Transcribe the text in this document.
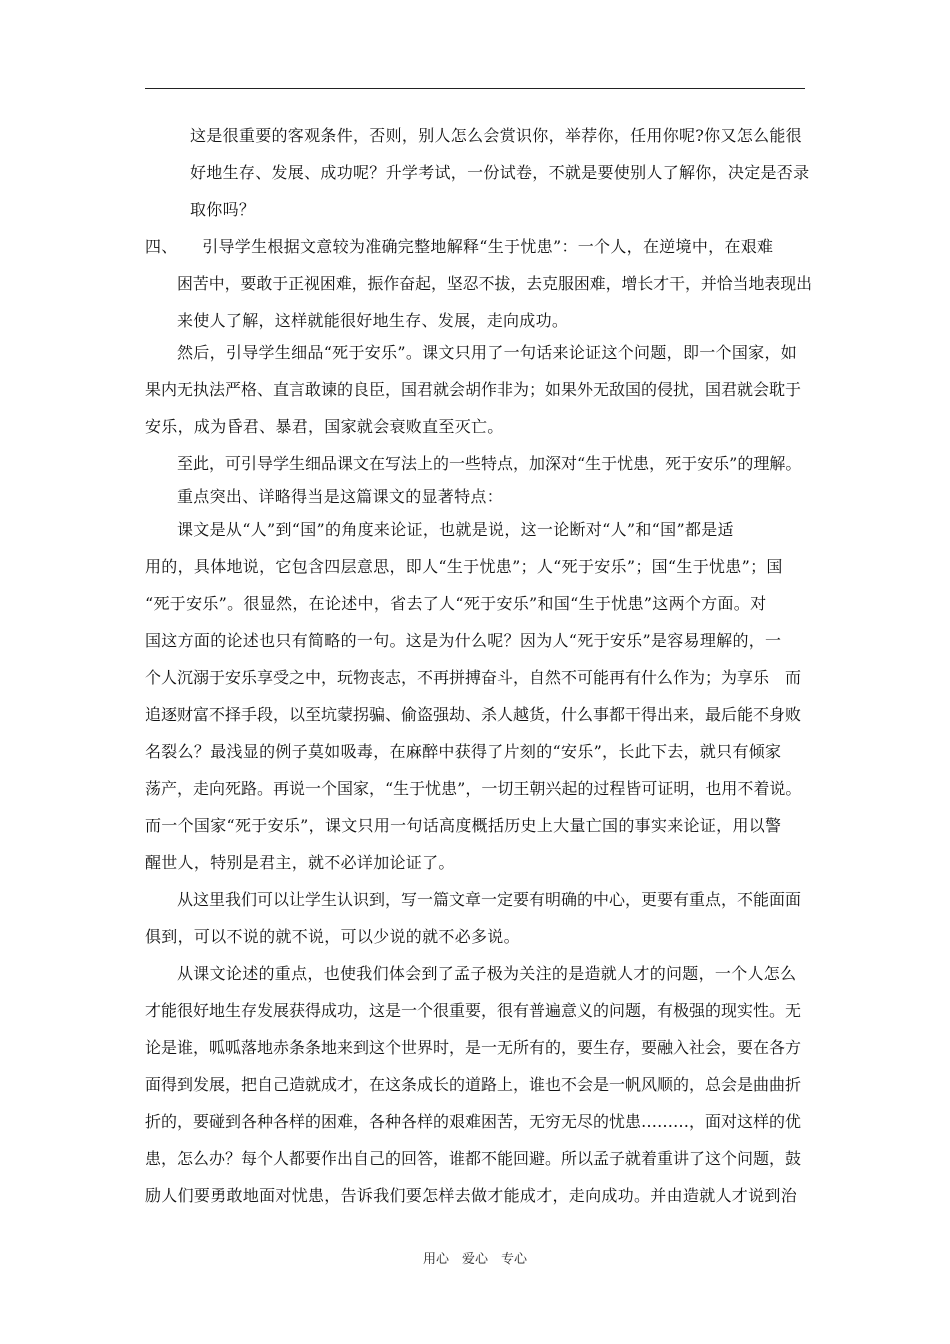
这是很重要的客观条件，否则，别人怎么会赏识你，举荐你，任用你呢?你又怎么能很
好地生存、发展、成功呢？升学考试，一份试卷，不就是要使别人了解你，决定是否录
取你吗？
四、　　引导学生根据文意较为准确完整地解释“生于忧患”：一个人，在逆境中，在艰难
困苦中，要敢于正视困难，振作奋起，坚忍不拔，去克服困难，增长才干，并恰当地表现出
来使人了解，这样就能很好地生存、发展，走向成功。
然后，引导学生细品“死于安乐”。课文只用了一句话来论证这个问题，即一个国家，如
果内无执法严格、直言敢谏的良臣，国君就会胡作非为；如果外无敌国的侵扰，国君就会耽于
安乐，成为昏君、暴君，国家就会衰败直至灭亡。
至此，可引导学生细品课文在写法上的一些特点，加深对“生于忧患，死于安乐”的理解。
重点突出、详略得当是这篇课文的显著特点：
课文是从“人”到“国”的角度来论证，也就是说，这一论断对“人”和“国”都是适
用的，具体地说，它包含四层意思，即人“生于忧患”；人“死于安乐”；国“生于忧患”；国
“死于安乐”。很显然，在论述中，省去了人“死于安乐”和国“生于忧患”这两个方面。对
国这方面的论述也只有简略的一句。这是为什么呢？因为人“死于安乐”是容易理解的，一
个人沉溺于安乐享受之中，玩物丧志，不再拼搏奋斗，自然不可能再有什么作为；为享乐　而
追逐财富不择手段，以至坑蒙拐骗、偷盗强劫、杀人越货，什么事都干得出来，最后能不身败
名裂么？最浅显的例子莫如吸毒，在麻醉中获得了片刻的“安乐”，长此下去，就只有倾家
荡产，走向死路。再说一个国家，“生于忧患”，一切王朝兴起的过程皆可证明，也用不着说。
而一个国家“死于安乐”，课文只用一句话高度概括历史上大量亡国的事实来论证，用以警
醒世人，特别是君主，就不必详加论证了。
从这里我们可以让学生认识到，写一篇文章一定要有明确的中心，更要有重点，不能面面
俱到，可以不说的就不说，可以少说的就不必多说。
从课文论述的重点，也使我们体会到了孟子极为关注的是造就人才的问题，一个人怎么
才能很好地生存发展获得成功，这是一个很重要，很有普遍意义的问题，有极强的现实性。无
论是谁，呱呱落地赤条条地来到这个世界时，是一无所有的，要生存，要融入社会，要在各方
面得到发展，把自己造就成才，在这条成长的道路上，谁也不会是一帆风顺的，总会是曲曲折
折的，要碰到各种各样的困难，各种各样的艰难困苦，无穷无尽的忧患………，面对这样的优
患，怎么办？每个人都要作出自己的回答，谁都不能回避。所以孟子就着重讲了这个问题，鼓
励人们要勇敢地面对忧患，告诉我们要怎样去做才能成才，走向成功。并由造就人才说到治
用心　爱心　专心
